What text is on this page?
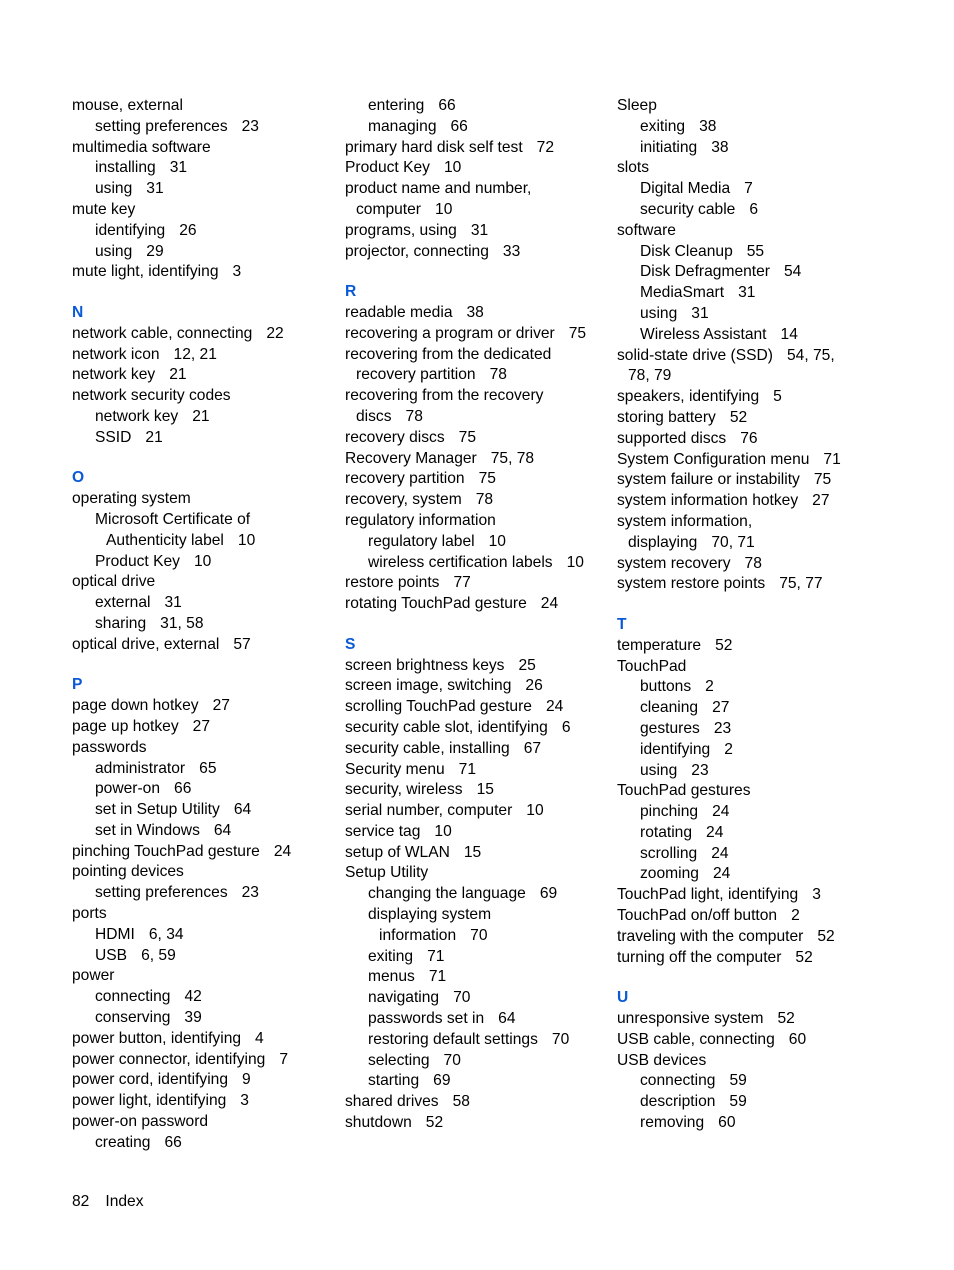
mouse, external
setting preferences 23
multimedia software
installing 31
using 31
mute key
identifying 26
using 29
mute light, identifying 3
N
network cable, connecting 22
network icon 12, 21
network key 21
network security codes
network key 21
SSID 21
O
operating system
Microsoft Certificate of
Authenticity label 10
Product Key 10
optical drive
external 31
sharing 31, 58
optical drive, external 57
P
page down hotkey 27
page up hotkey 27
passwords
administrator 65
power-on 66
set in Setup Utility 64
set in Windows 64
pinching TouchPad gesture 24
pointing devices
setting preferences 23
ports
HDMI 6, 34
USB 6, 59
power
connecting 42
conserving 39
power button, identifying 4
power connector, identifying 7
power cord, identifying 9
power light, identifying 3
power-on password
creating 66
entering 66
managing 66
primary hard disk self test 72
Product Key 10
product name and number,
computer 10
programs, using 31
projector, connecting 33
R
readable media 38
recovering a program or driver 75
recovering from the dedicated
recovery partition 78
recovering from the recovery
discs 78
recovery discs 75
Recovery Manager 75, 78
recovery partition 75
recovery, system 78
regulatory information
regulatory label 10
wireless certification labels 10
restore points 77
rotating TouchPad gesture 24
S
screen brightness keys 25
screen image, switching 26
scrolling TouchPad gesture 24
security cable slot, identifying 6
security cable, installing 67
Security menu 71
security, wireless 15
serial number, computer 10
service tag 10
setup of WLAN 15
Setup Utility
changing the language 69
displaying system
information 70
exiting 71
menus 71
navigating 70
passwords set in 64
restoring default settings 70
selecting 70
starting 69
shared drives 58
shutdown 52
Sleep
exiting 38
initiating 38
slots
Digital Media 7
security cable 6
software
Disk Cleanup 55
Disk Defragmenter 54
MediaSmart 31
using 31
Wireless Assistant 14
solid-state drive (SSD) 54, 75,
78, 79
speakers, identifying 5
storing battery 52
supported discs 76
System Configuration menu 71
system failure or instability 75
system information hotkey 27
system information,
displaying 70, 71
system recovery 78
system restore points 75, 77
T
temperature 52
TouchPad
buttons 2
cleaning 27
gestures 23
identifying 2
using 23
TouchPad gestures
pinching 24
rotating 24
scrolling 24
zooming 24
TouchPad light, identifying 3
TouchPad on/off button 2
traveling with the computer 52
turning off the computer 52
U
unresponsive system 52
USB cable, connecting 60
USB devices
connecting 59
description 59
removing 60
82 Index
